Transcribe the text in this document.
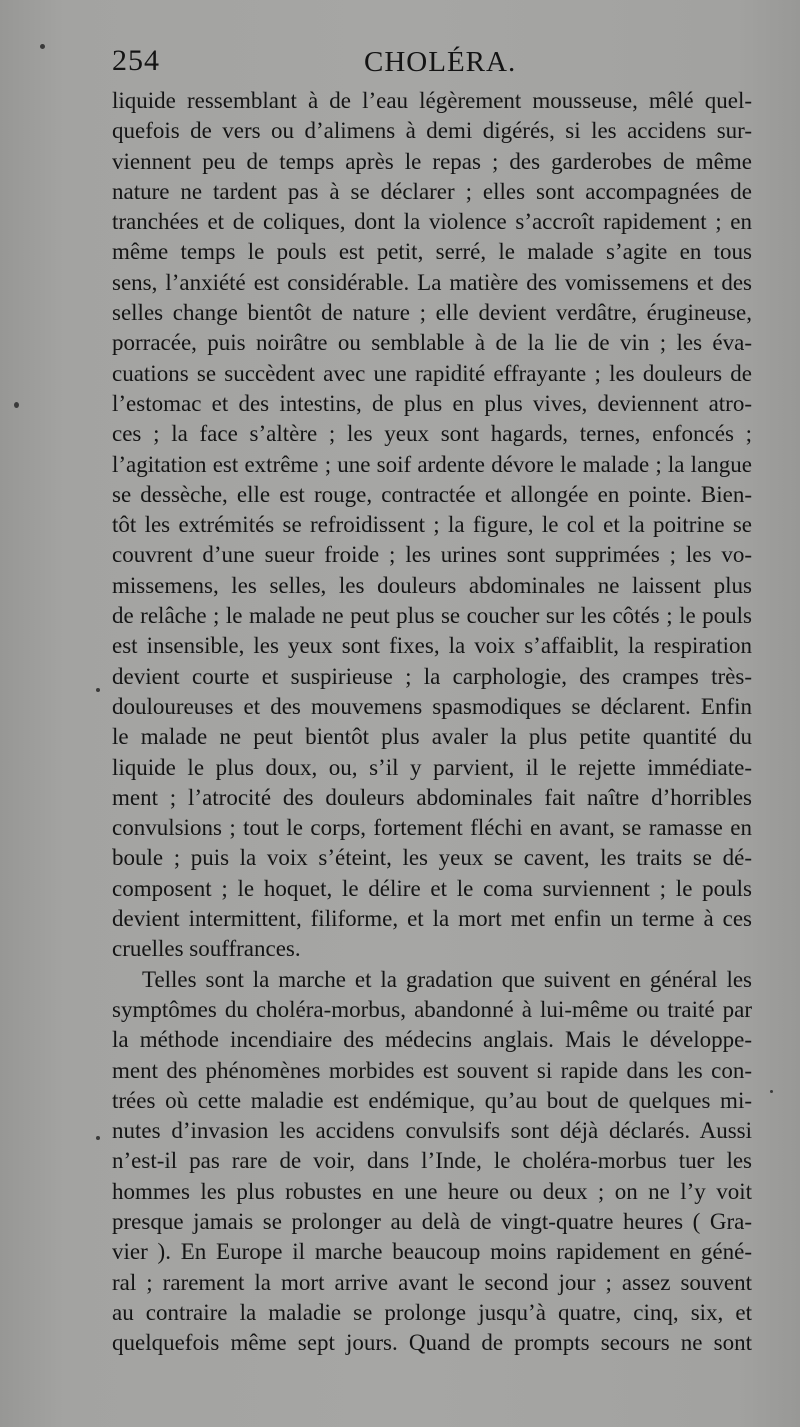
254	CHOLÉRA.
liquide ressemblant à de l’eau légèrement mousseuse, mêlé quel-
quefois de vers ou d’alimens à demi digérés, si les accidens sur-
viennent peu de temps après le repas ; des garderobes de même
nature ne tardent pas à se déclarer ; elles sont accompagnées de
tranchées et de coliques, dont la violence s’accroît rapidement ; en
même temps le pouls est petit, serré, le malade s’agite en tous
sens, l’anxiété est considérable. La matière des vomissemens et des
selles change bientôt de nature ; elle devient verdâtre, érugineuse,
porracée, puis noirâtre ou semblable à de la lie de vin ; les éva-
cuations se succèdent avec une rapidité effrayante ; les douleurs de
l’estomac et des intestins, de plus en plus vives, deviennent atro-
ces ; la face s’altère ; les yeux sont hagards, ternes, enfoncés ;
l’agitation est extrême ; une soif ardente dévore le malade ; la langue
se dessèche, elle est rouge, contractée et allongée en pointe. Bien-
tôt les extrémités se refroidissent ; la figure, le col et la poitrine se
couvrent d’une sueur froide ; les urines sont supprimées ; les vo-
missemens, les selles, les douleurs abdominales ne laissent plus
de relâche ; le malade ne peut plus se coucher sur les côtés ; le pouls
est insensible, les yeux sont fixes, la voix s’affaiblit, la respiration
devient courte et suspirieuse ; la carphologie, des crampes très-
douloureuses et des mouvemens spasmodiques se déclarent. Enfin
le malade ne peut bientôt plus avaler la plus petite quantité du
liquide le plus doux, ou, s’il y parvient, il le rejette immédiate-
ment ; l’atrocité des douleurs abdominales fait naître d’horribles
convulsions ; tout le corps, fortement fléchi en avant, se ramasse en
boule ; puis la voix s’éteint, les yeux se cavent, les traits se dé-
composent ; le hoquet, le délire et le coma surviennent ; le pouls
devient intermittent, filiforme, et la mort met enfin un terme à ces
cruelles souffrances.
Telles sont la marche et la gradation que suivent en général les
symptômes du choléra-morbus, abandonné à lui-même ou traité par
la méthode incendiaire des médecins anglais. Mais le développe-
ment des phénomènes morbides est souvent si rapide dans les con-
trées où cette maladie est endémique, qu’au bout de quelques mi-
nutes d’invasion les accidens convulsifs sont déjà déclarés. Aussi
n’est-il pas rare de voir, dans l’Inde, le choléra-morbus tuer les
hommes les plus robustes en une heure ou deux ; on ne l’y voit
presque jamais se prolonger au delà de vingt-quatre heures ( Gra-
vier ). En Europe il marche beaucoup moins rapidement en géné-
ral ; rarement la mort arrive avant le second jour ; assez souvent
au contraire la maladie se prolonge jusqu’à quatre, cinq, six, et
quelquefois même sept jours. Quand de prompts secours ne sont
